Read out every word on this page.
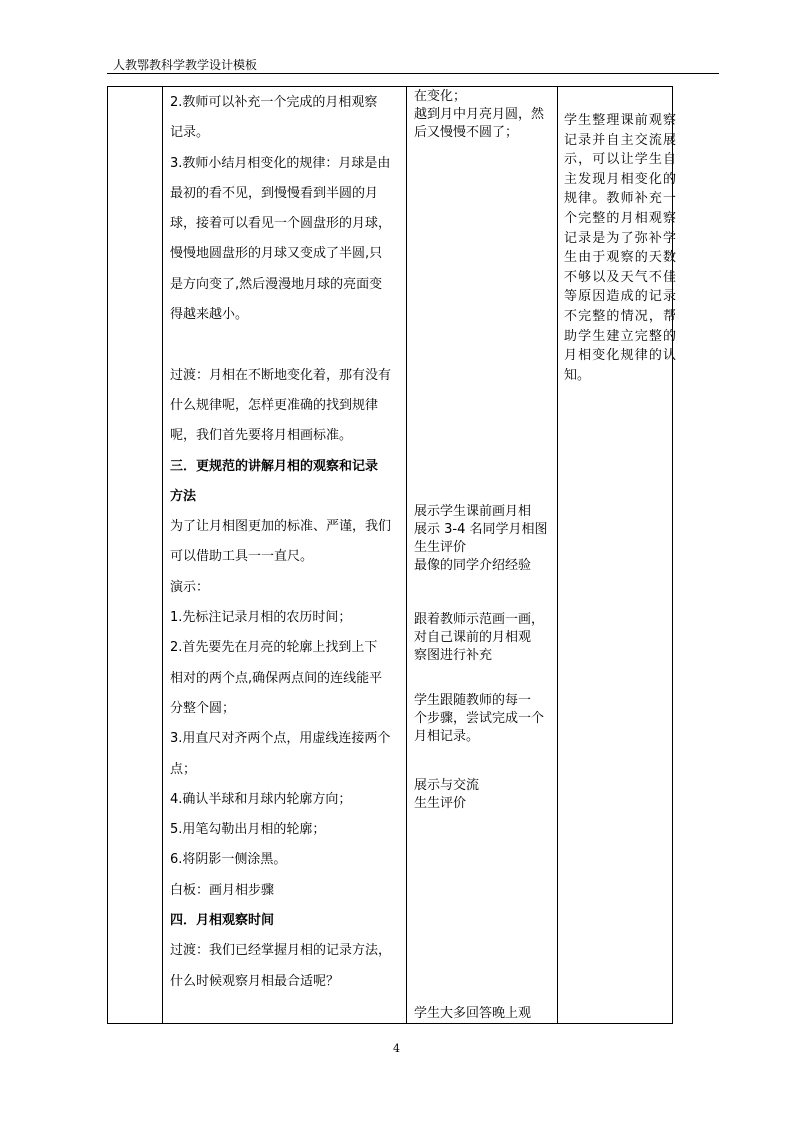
人教鄂教科学教学设计模板

2.教师可以补充一个完成的月相观察

记录。

3.教师小结月相变化的规律：月球是由

最初的看不见，到慢慢看到半圆的月

球，接着可以看见一个圆盘形的月球，

慢慢地圆盘形的月球又变成了半圆,只

是方向变了,然后漫漫地月球的亮面变

得越来越小。

过渡：月相在不断地变化着，那有没有

什么规律呢，怎样更准确的找到规律

呢，我们首先要将月相画标准。

三．更规范的讲解月相的观察和记录

方法

为了让月相图更加的标准、严谨，我们

可以借助工具一一直尺。

演示：

1.先标注记录月相的农历时间；

2.首先要先在月亮的轮廓上找到上下

相对的两个点,确保两点间的连线能平

分整个圆；

3.用直尺对齐两个点，用虚线连接两个

点；

4.确认半球和月球内轮廓方向；

5.用笔勾勒出月相的轮廓；

6.将阴影一侧涂黑。

白板：画月相步骤

四．月相观察时间

过渡：我们已经掌握月相的记录方法，

什么时候观察月相最合适呢？

在变化；

越到月中月亮月圆，然

后又慢慢不圆了；

展示学生课前画月相

展示 3-4 名同学月相图

生生评价

最像的同学介绍经验

跟着教师示范画一画，

对自己课前的月相观

察图进行补充

学生跟随教师的每一

个步骤，尝试完成一个

月相记录。

展示与交流

生生评价

学生大多回答晚上观

学生整理课前观察记录并自主交流展示，可以让学生自主发现月相变化的规律。教师补充一个完整的月相观察记录是为了弥补学生由于观察的天数不够以及天气不佳等原因造成的记录不完整的情况，帮助学生建立完整的月相变化规律的认知。
4
